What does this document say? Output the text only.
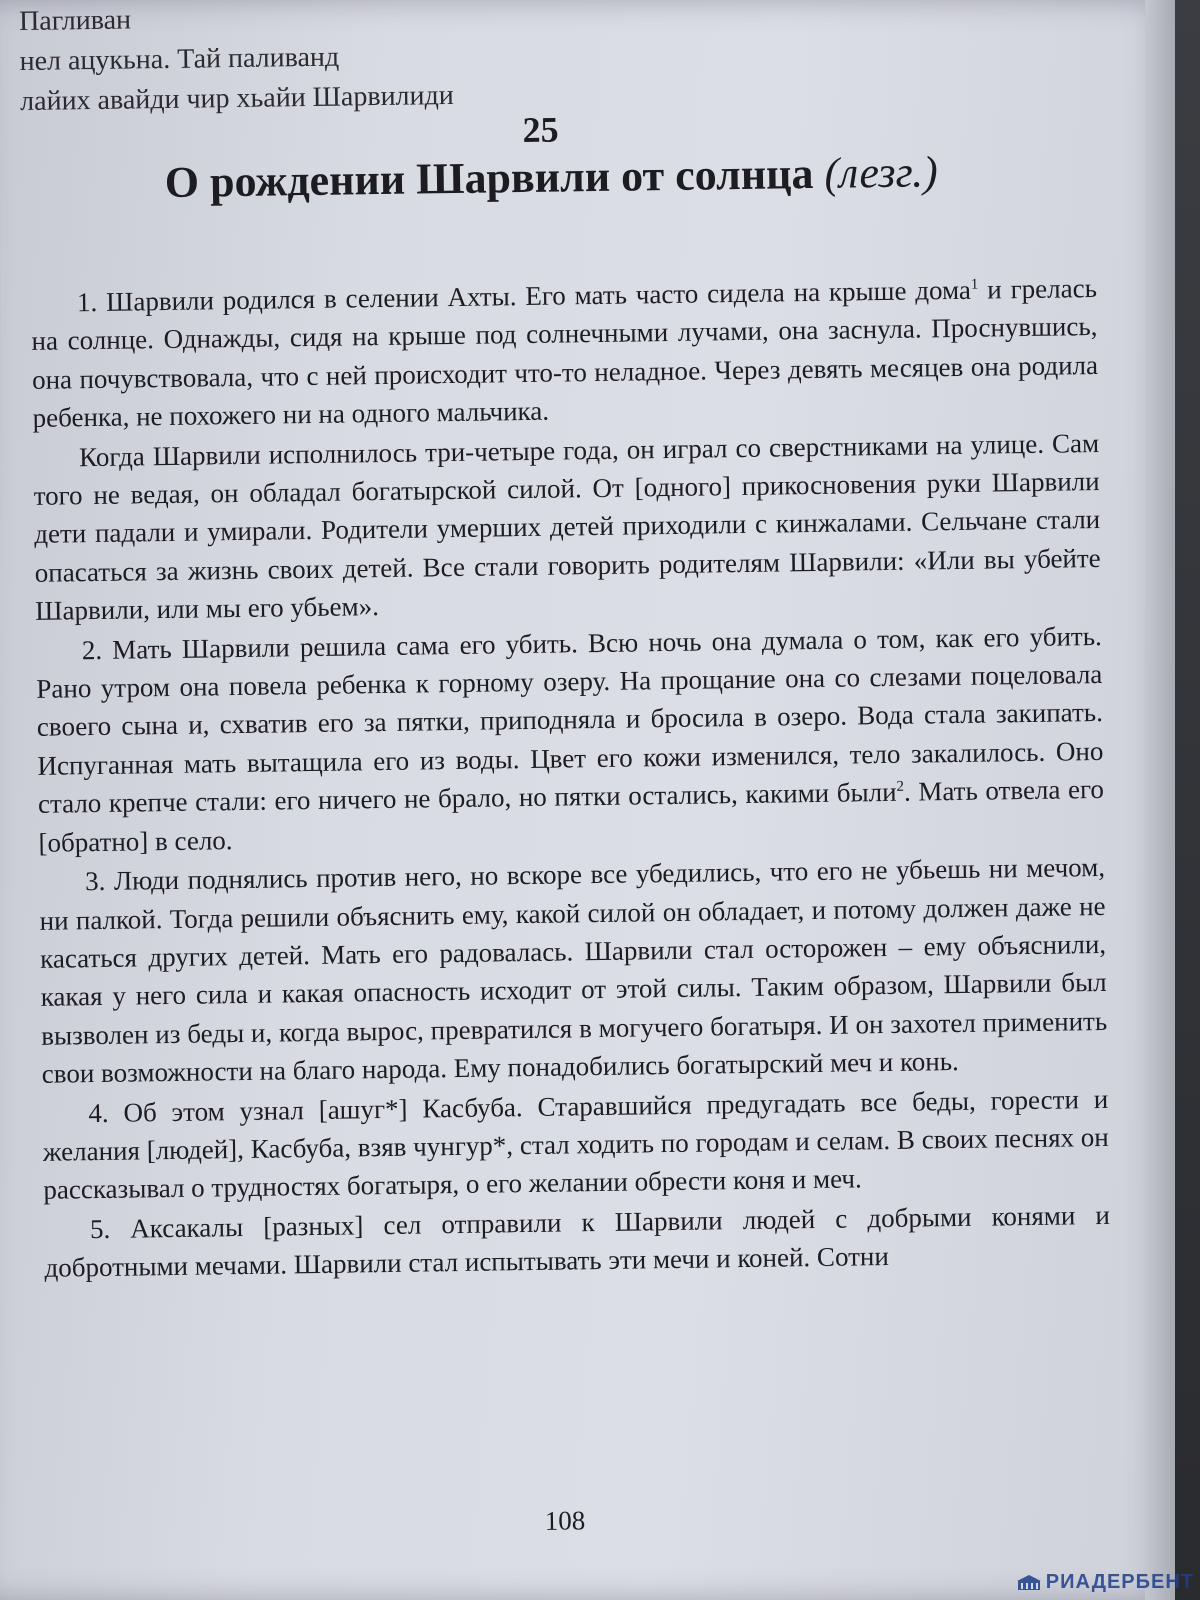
Пагливан
нел ацукьна. Тай паливанд
лайих авайди чир хьайи Шарвилиди
25
О рождении Шарвили от солнца (лезг.)

1. Шарвили родился в селении Ахты. Его мать часто сидела на крыше дома$^1$ и грелась на солнце. Однажды, сидя на крыше под солнечными лучами, она заснула. Проснувшись, она почувствовала, что с ней происходит что-то неладное. Через девять месяцев она родила ребенка, не похожего ни на одного мальчика.

Когда Шарвили исполнилось три-четыре года, он играл со сверстниками на улице. Сам того не ведая, он обладал богатырской силой. От [одного] прикосновения руки Шарвили дети падали и умирали. Родители умерших детей приходили с кинжалами. Сельчане стали опасаться за жизнь своих детей. Все стали говорить родителям Шарвили: «Или вы убейте Шарвили, или мы его убьем».

2. Мать Шарвили решила сама его убить. Всю ночь она думала о том, как его убить. Рано утром она повела ребенка к горному озеру. На прощание она со слезами поцеловала своего сына и, схватив его за пятки, приподняла и бросила в озеро. Вода стала закипать. Испуганная мать вытащила его из воды. Цвет его кожи изменился, тело закалилось. Оно стало крепче стали: его ничего не брало, но пятки остались, какими были$^2$. Мать отвела его [обратно] в село.

3. Люди поднялись против него, но вскоре все убедились, что его не убьешь ни мечом, ни палкой. Тогда решили объяснить ему, какой силой он обладает, и потому должен даже не касаться других детей. Мать его радовалась. Шарвили стал осторожен – ему объяснили, какая у него сила и какая опасность исходит от этой силы. Таким образом, Шарвили был вызволен из беды и, когда вырос, превратился в могучего богатыря. И он захотел применить свои возможности на благо народа. Ему понадобились богатырский меч и конь.

4. Об этом узнал [ашуг*] Касбуба. Старавшийся предугадать все беды, горести и желания [людей], Касбуба, взяв чунгур*, стал ходить по городам и селам. В своих песнях он рассказывал о трудностях богатыря, о его желании обрести коня и меч.

5. Аксакалы [разных] сел отправили к Шарвили людей с добрыми конями и добротными мечами. Шарвили стал испытывать эти мечи и коней. Сотни

108
РИАДЕРБЕНТ
